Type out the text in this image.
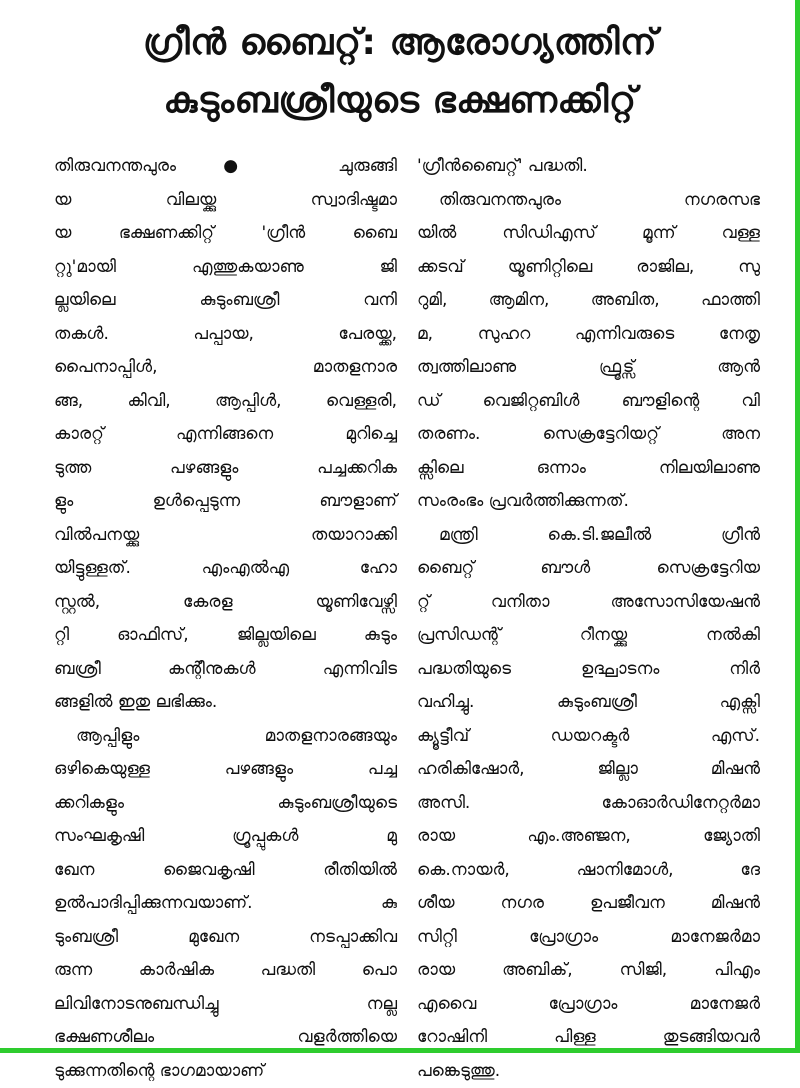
ഗ്രീൻ ബൈറ്റ്: ആരോഗ്യത്തിന്
കുടുംബശ്രീയുടെ ഭക്ഷണക്കിറ്റ്
തിരുവനന്തപുരം● ചുരുങ്ങി
യ വിലയ്ക്കു സ്വാദിഷ്ടമാ
യ ഭക്ഷണക്കിറ്റ് 'ഗ്രീൻ ബൈ
റ്റു'മായി എത്തുകയാണു ജി
ല്ലയിലെ കുടുംബശ്രീ വനി
തകൾ. പപ്പായ, പേരയ്ക്ക,
പൈനാപ്പിൾ, മാതളനാര
ങ്ങ, കിവി, ആപ്പിൾ, വെള്ളരി,
കാരറ്റ് എന്നിങ്ങനെ മുറിച്ചെ
ടുത്ത പഴങ്ങളും പച്ചക്കറിക
ളും ഉൾപ്പെടുന്ന ബൗളാണ്
വിൽപനയ്ക്കു തയാറാക്കി
യിട്ടുള്ളത്. എംഎൽഎ ഹോ
സ്റ്റൽ, കേരള യൂണിവേഴ്സി
റ്റി ഓഫിസ്, ജില്ലയിലെ കുടും
ബശ്രീ കന്റീനുകൾ എന്നിവിട
ങ്ങളിൽ ഇതു ലഭിക്കും.
ആപ്പിളും മാതളനാരങ്ങയും
ഒഴികെയുള്ള പഴങ്ങളും പച്ച
ക്കറികളും കുടുംബശ്രീയുടെ
സംഘകൃഷി ഗ്രൂപ്പുകൾ മു
ഖേന ജൈവകൃഷി രീതിയിൽ
ഉൽപാദിപ്പിക്കുന്നവയാണ്. കു
ടുംബശ്രീ മുഖേന നടപ്പാക്കിവ
രുന്ന കാർഷിക പദ്ധതി പൊ
ലിവിനോടനുബന്ധിച്ചു നല്ല
ഭക്ഷണശീലം വളർത്തിയെ
ടുക്കുന്നതിന്റെ ഭാഗമായാണ്
'ഗ്രീൻബൈറ്റ്' പദ്ധതി.
തിരുവനന്തപുരം നഗരസഭ
യിൽ സിഡിഎസ് മൂന്ന് വള്ള
ക്കടവ് യൂണിറ്റിലെ രാജില, സു
റുമി, ആമിന, അബിത, ഫാത്തി
മ, സുഹറ എന്നിവരുടെ നേതൃ
ത്വത്തിലാണു ഫ്രൂട്സ് ആൻ
ഡ് വെജിറ്റബിൾ ബൗളിന്റെ വി
തരണം. സെക്രട്ടേറിയറ്റ് അന
ക്സിലെ ഒന്നാം നിലയിലാണു
സംരംഭം പ്രവർത്തിക്കുന്നത്.
മന്ത്രി കെ.ടി.ജലീൽ ഗ്രീൻ
ബൈറ്റ് ബൗൾ സെക്രട്ടേറിയ
റ്റ് വനിതാ അസോസിയേഷൻ
പ്രസിഡന്റ് റീനയ്ക്കു നൽകി
പദ്ധതിയുടെ ഉദ്ഘാടനം നിർ
വഹിച്ചു. കുടുംബശ്രീ എക്സി
ക്യൂട്ടീവ് ഡയറക്ടർ എസ്.
ഹരികിഷോർ, ജില്ലാ മിഷൻ
അസി. കോഓർഡിനേറ്റർമാ
രായ എം.അഞ്ജന, ജ്യോതി
കെ.നായർ, ഷാനിമോൾ, ദേ
ശീയ നഗര ഉപജീവന മിഷൻ
സിറ്റി പ്രോഗ്രാം മാനേജർമാ
രായ അബിക്, സിജി, പിഎം
എവൈ പ്രോഗ്രാം മാനേജർ
റോഷിനി പിള്ള തുടങ്ങിയവർ
പങ്കെടുത്തു.
